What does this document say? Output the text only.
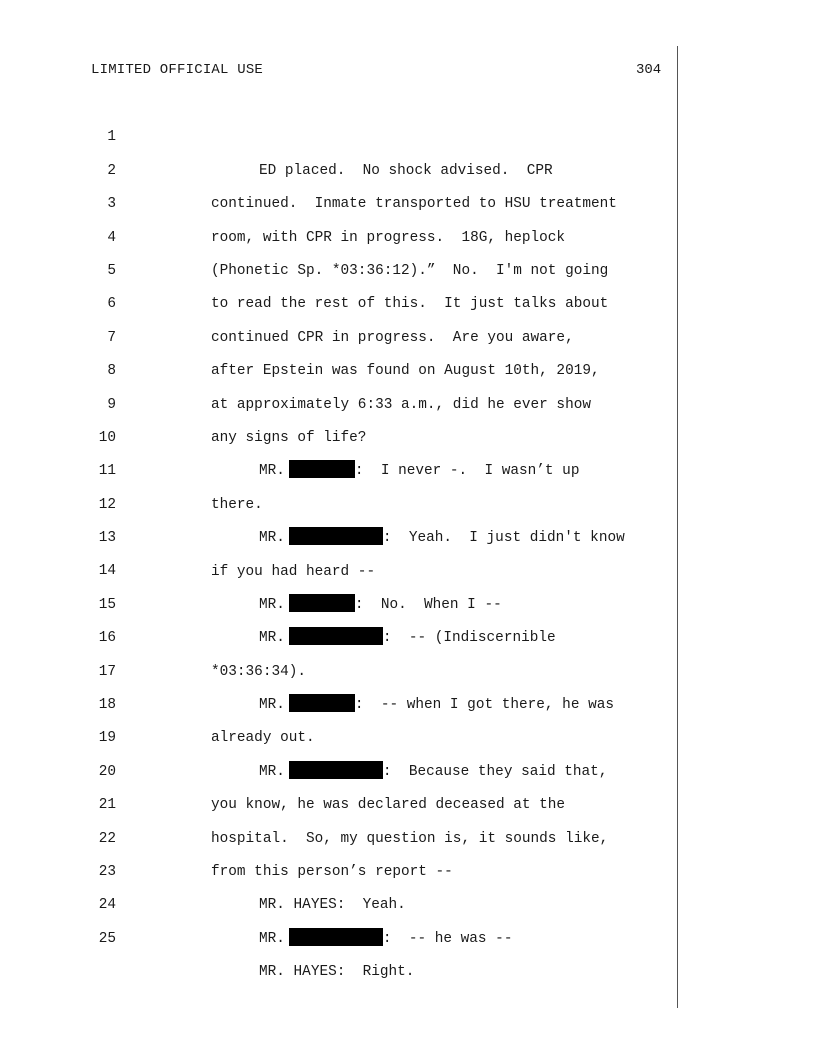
LIMITED OFFICIAL USE	304

1

ED placed.  No shock advised.  CPR

2

continued.  Inmate transported to HSU treatment

3

room, with CPR in progress.  18G, heplock

4

(Phonetic Sp. *03:36:12).”  No.  I'm not going

5

to read the rest of this.  It just talks about

6

continued CPR in progress.  Are you aware,

7

after Epstein was found on August 10th, 2019,

8

at approximately 6:33 a.m., did he ever show

9

any signs of life?

10

MR.	:  I never -.  I wasn’t up

11

there.

12

MR.	:  Yeah.  I just didn't know

13

if you had heard --

14

MR.	:  No.  When I --

15

MR.	:  -- (Indiscernible

16

*03:36:34).

17

MR.	:  -- when I got there, he was

18

already out.

19

MR.	:  Because they said that,

20

you know, he was declared deceased at the

21

hospital.  So, my question is, it sounds like,

22

from this person’s report --

23

MR. HAYES:  Yeah.

24

MR.	:  -- he was --

25

MR. HAYES:  Right.
